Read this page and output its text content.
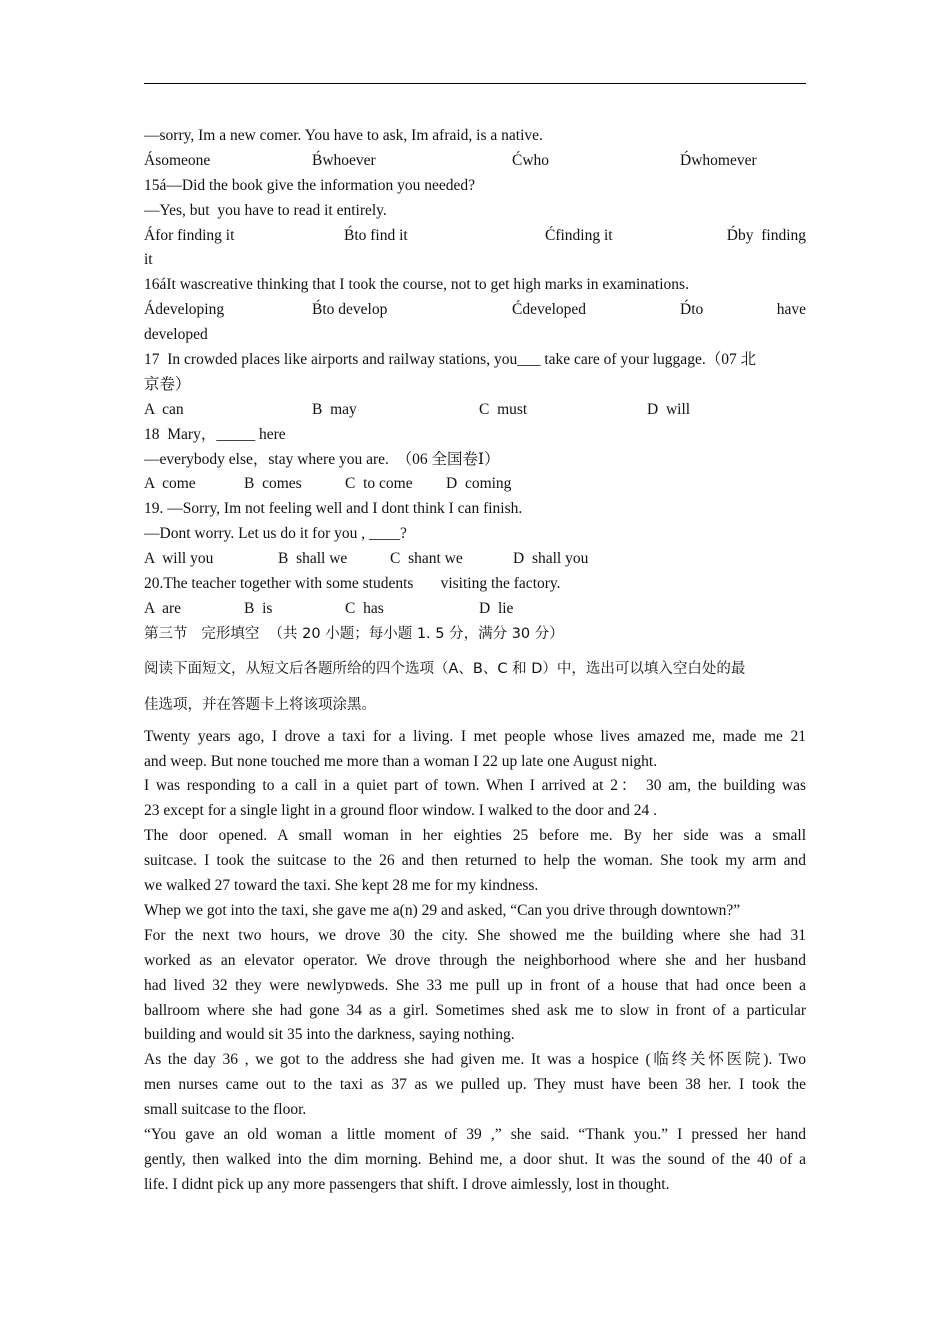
—sorry, Im a new comer. You have to ask, Im afraid, is a native.
Ásomeone	B́whoever	Ćwho	D́whomever
15á—Did the book give the information you needed?
—Yes, but  you have to read it entirely.
Áfor finding it	B́to find it	Ćfinding it	D́by  finding
it
16áIt wascreative thinking that I took the course, not to get high marks in examinations.
Ádeveloping	B́to develop	Ćdeveloped	D́to	have
developed
17  In crowded places like airports and railway stations, you___ take care of your luggage.（07 北
京卷）
A  can	B  may	C  must	D  will
18  Mary，_____ here
—everybody else，stay where you are.  （06 全国卷Ⅰ）
A  come	B  comes	C  to come	D  coming
19. —Sorry, Im not feeling well and I dont think I can finish.
—Dont worry. Let us do it for you , ____?
A  will you	B  shall we	C  shant we	D  shall you
20.The teacher together with some students       visiting the factory.
A  are	B  is	C  has	D  lie
第三节   完形填空  （共 20 小题；每小题 1. 5 分，满分 30 分）
阅读下面短文，从短文后各题所给的四个选项（A、B、C 和 D）中，选出可以填入空白处的最
佳选项，并在答题卡上将该项涂黑。
Twenty years ago, I drove a taxi for a living. I met people whose lives amazed me, made me 21
and weep. But none touched me more than a woman I 22 up late one August night.
I was responding to a call in a quiet part of town. When I arrived at 2： 30 am, the building was
23 except for a single light in a ground floor window. I walked to the door and 24 .
The door opened. A small woman in her eighties 25 before me. By her side was a small
suitcase. I took the suitcase to the 26 and then returned to help the woman. She took my arm and
we walked 27 toward the taxi. She kept 28 me for my kindness.
Whep we got into the taxi, she gave me a(n) 29 and asked, “Can you drive through downtown?”
For the next two hours, we drove 30 the city. She showed me the building where she had 31
worked as an elevator operator. We drove through the neighborhood where she and her husband
had lived 32 they were newlyɒweds. She 33 me pull up in front of a house that had once been a
ballroom where she had gone 34 as a girl. Sometimes shed ask me to slow in front of a particular
building and would sit 35 into the darkness, saying nothing.
As the day 36 , we got to the address she had given me. It was a hospice (临终关怀医院). Two
men nurses came out to the taxi as 37 as we pulled up. They must have been 38 her. I took the
small suitcase to the floor.
“You gave an old woman a little moment of 39 ,” she said. “Thank you.” I pressed her hand
gently, then walked into the dim morning. Behind me, a door shut. It was the sound of the 40 of a
life. I didnt pick up any more passengers that shift. I drove aimlessly, lost in thought.
